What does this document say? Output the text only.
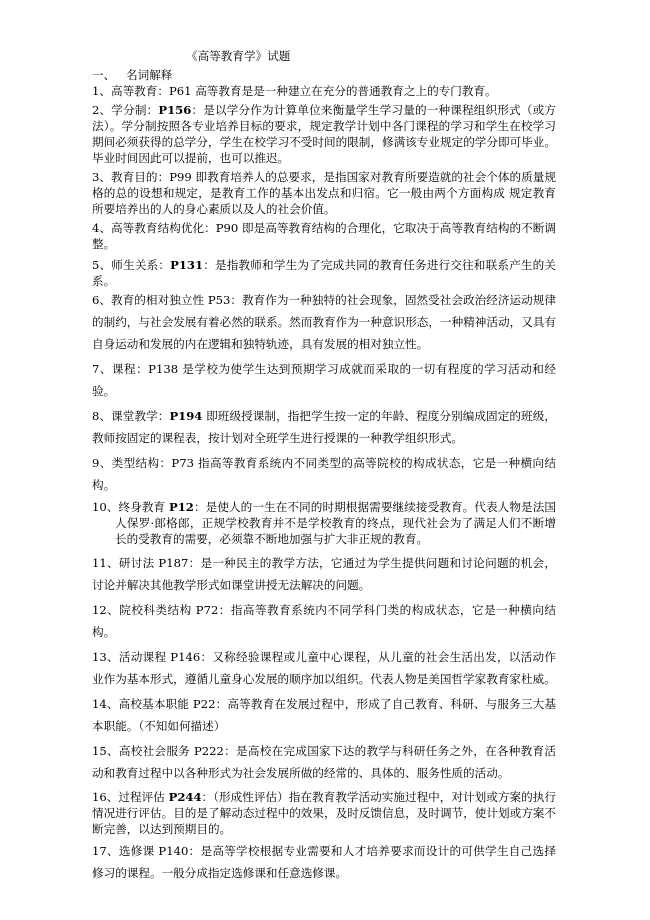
《高等教育学》试题
一、 名词解释

1、高等教育：P61 高等教育是是一种建立在充分的普通教育之上的专门教育。

2、学分制：P156：是以学分作为计算单位来衡量学生学习量的一种课程组织形式（或方法）。学分制按照各专业培养目标的要求，规定教学计划中各门课程的学习和学生在校学习期间必须获得的总学分，学生在校学习不受时间的限制，修满该专业规定的学分即可毕业。毕业时间因此可以提前，也可以推迟。

3、教育目的：P99 即教育培养人的总要求，是指国家对教育所要造就的社会个体的质量规格的总的设想和规定，是教育工作的基本出发点和归宿。它一般由两个方面构成 规定教育所要培养出的人的身心素质以及人的社会价值。

4、高等教育结构优化：P90 即是高等教育结构的合理化，它取决于高等教育结构的不断调整。

5、师生关系：P131：是指教师和学生为了完成共同的教育任务进行交往和联系产生的关系。

6、教育的相对独立性 P53：教育作为一种独特的社会现象，固然受社会政治经济运动规律的制约，与社会发展有着必然的联系。然而教育作为一种意识形态，一种精神活动，又具有自身运动和发展的内在逻辑和独特轨迹，具有发展的相对独立性。

7、课程：P138 是学校为使学生达到预期学习成就而采取的一切有程度的学习活动和经验。

8、课堂教学：P194 即班级授课制，指把学生按一定的年龄、程度分别编成固定的班级，教师按固定的课程表，按计划对全班学生进行授课的一种教学组织形式。

9、类型结构：P73 指高等教育系统内不同类型的高等院校的构成状态，它是一种横向结构。

10、终身教育 P12：是使人的一生在不同的时期根据需要继续接受教育。代表人物是法国人保罗·郎格郎，正规学校教育并不是学校教育的终点，现代社会为了满足人们不断增长的受教育的需要，必须靠不断地加强与扩大非正规的教育。

11、研讨法 P187：是一种民主的教学方法，它通过为学生提供问题和讨论问题的机会，讨论并解决其他教学形式如课堂讲授无法解决的问题。

12、院校科类结构 P72：指高等教育系统内不同学科门类的构成状态，它是一种横向结构。

13、活动课程 P146：又称经验课程或儿童中心课程，从儿童的社会生活出发，以活动作业作为基本形式，遵循儿童身心发展的顺序加以组织。代表人物是美国哲学家教育家杜威。

14、高校基本职能 P22：高等教育在发展过程中，形成了自己教育、科研、与服务三大基本职能。（不知如何描述）

15、高校社会服务 P222：是高校在完成国家下达的教学与科研任务之外，在各种教育活动和教育过程中以各种形式为社会发展所做的经常的、具体的、服务性质的活动。

16、过程评估 P244：（形成性评估）指在教育教学活动实施过程中，对计划或方案的执行情况进行评估。目的是了解动态过程中的效果，及时反馈信息，及时调节，使计划或方案不断完善，以达到预期目的。

17、选修课 P140：是高等学校根据专业需要和人才培养要求而设计的可供学生自己选择修习的课程。一般分成指定选修课和任意选修课。
